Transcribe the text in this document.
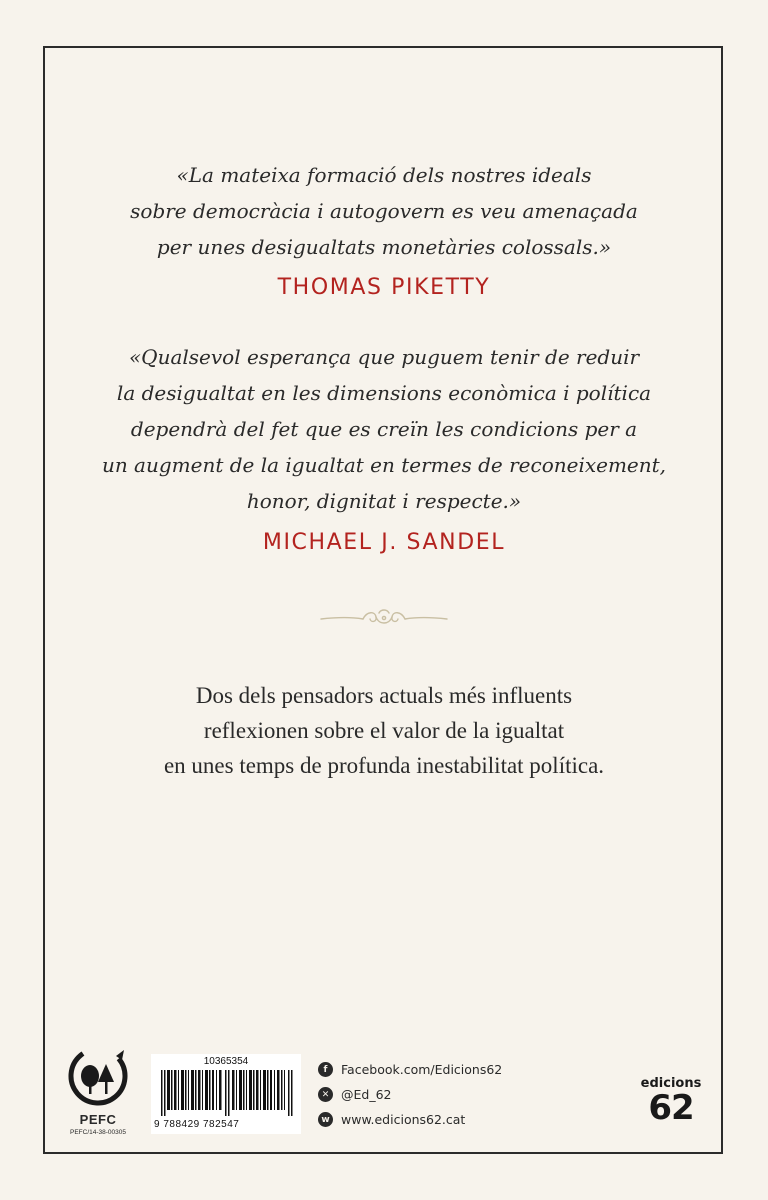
«La mateixa formació dels nostres ideals
sobre democràcia i autogovern es veu amenaçada
per unes desigualtats monetàries colossals.»
THOMAS PIKETTY
«Qualsevol esperança que puguem tenir de reduir
la desigualtat en les dimensions econòmica i política
dependrà del fet que es creïn les condicions per a
un augment de la igualtat en termes de reconeixement,
honor, dignitat i respecte.»
MICHAEL J. SANDEL
Dos dels pensadors actuals més influents
reflexionen sobre el valor de la igualtat
en unes temps de profunda inestabilitat política.
PEFC
PEFC/14-38-00305
10365354
9 788429 782547
f	Facebook.com/Edicions62
✕ @Ed_62
w www.edicions62.cat
edicions
62
